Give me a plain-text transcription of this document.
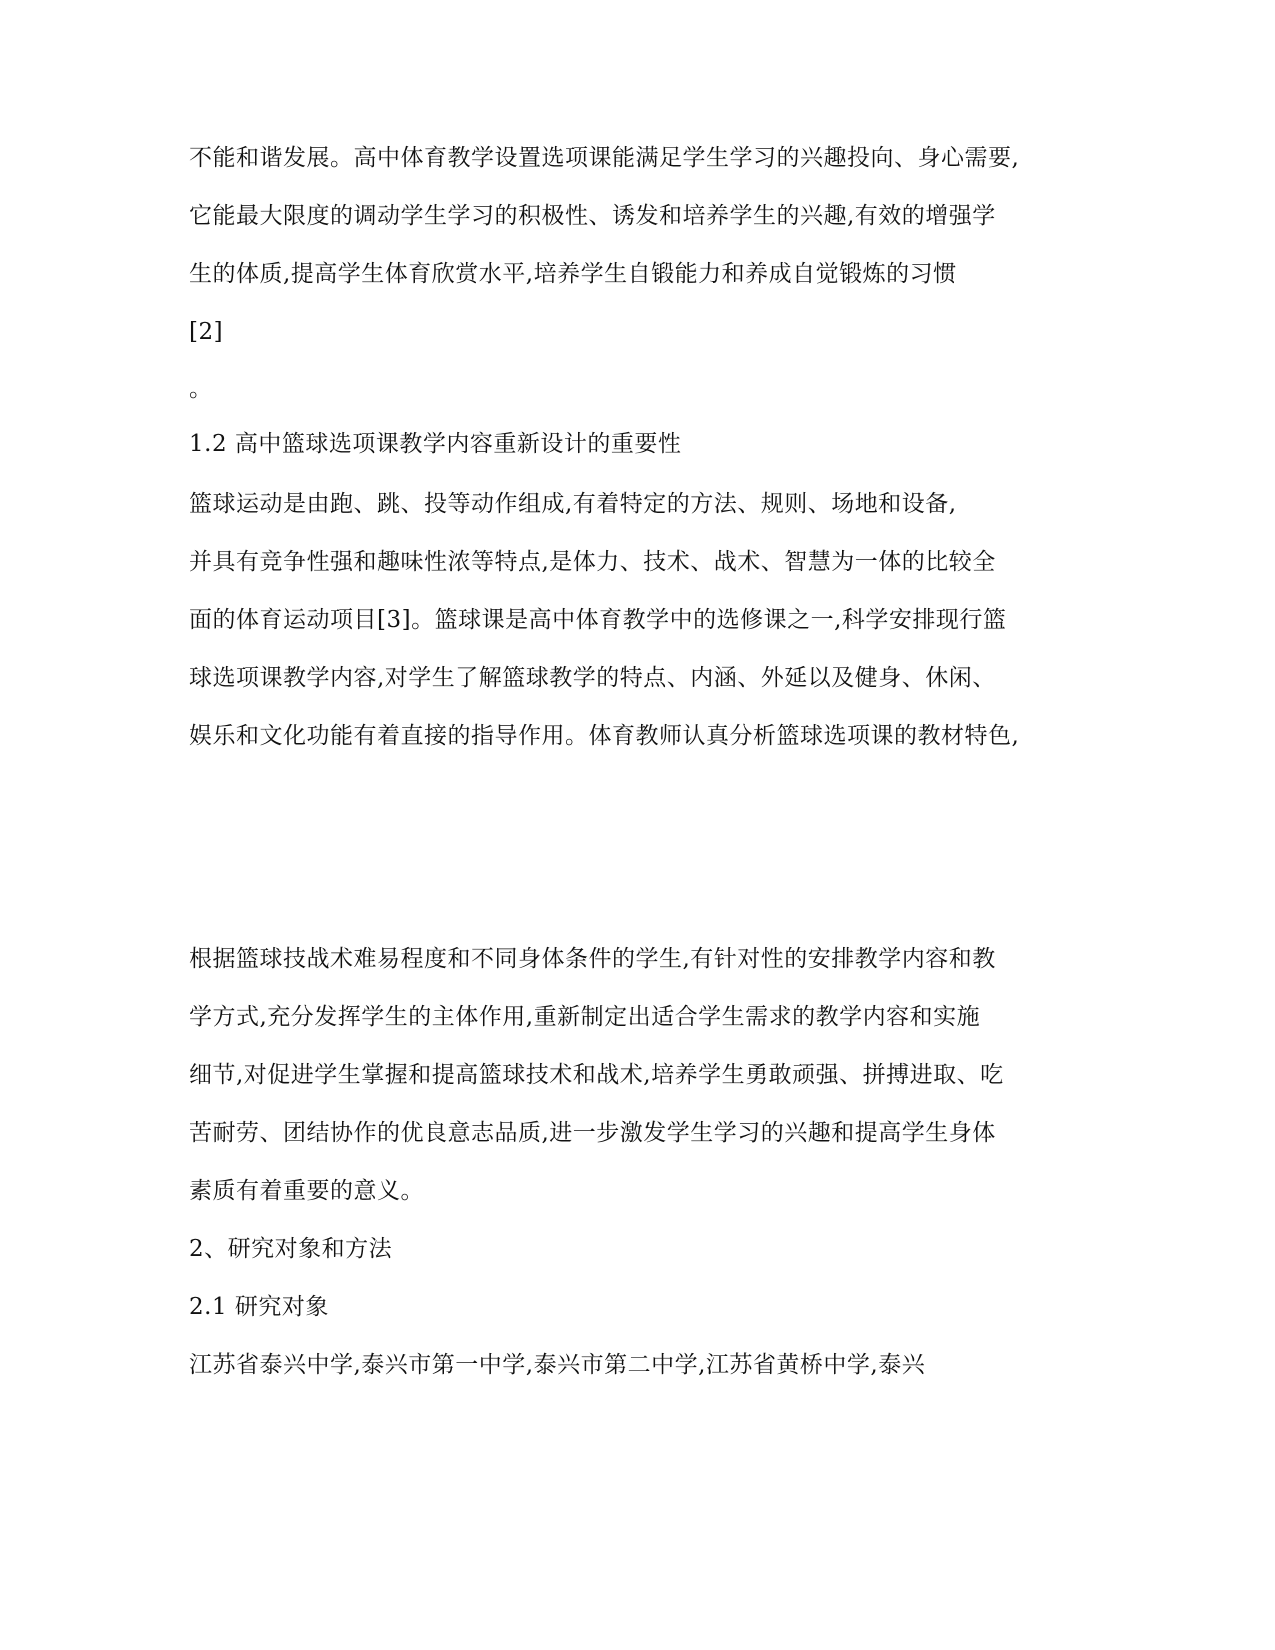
不能和谐发展。高中体育教学设置选项课能满足学生学习的兴趣投向、身心需要,
它能最大限度的调动学生学习的积极性、诱发和培养学生的兴趣,有效的增强学
生的体质,提高学生体育欣赏水平,培养学生自锻能力和养成自觉锻炼的习惯
[2]
。
1.2 高中篮球选项课教学内容重新设计的重要性
篮球运动是由跑、跳、投等动作组成,有着特定的方法、规则、场地和设备,
并具有竞争性强和趣味性浓等特点,是体力、技术、战术、智慧为一体的比较全
面的体育运动项目[3]。篮球课是高中体育教学中的选修课之一,科学安排现行篮
球选项课教学内容,对学生了解篮球教学的特点、内涵、外延以及健身、休闲、
娱乐和文化功能有着直接的指导作用。体育教师认真分析篮球选项课的教材特色,
根据篮球技战术难易程度和不同身体条件的学生,有针对性的安排教学内容和教
学方式,充分发挥学生的主体作用,重新制定出适合学生需求的教学内容和实施
细节,对促进学生掌握和提高篮球技术和战术,培养学生勇敢顽强、拼搏进取、吃
苦耐劳、团结协作的优良意志品质,进一步激发学生学习的兴趣和提高学生身体
素质有着重要的意义。
2、研究对象和方法
2.1 研究对象
江苏省泰兴中学,泰兴市第一中学,泰兴市第二中学,江苏省黄桥中学,泰兴
